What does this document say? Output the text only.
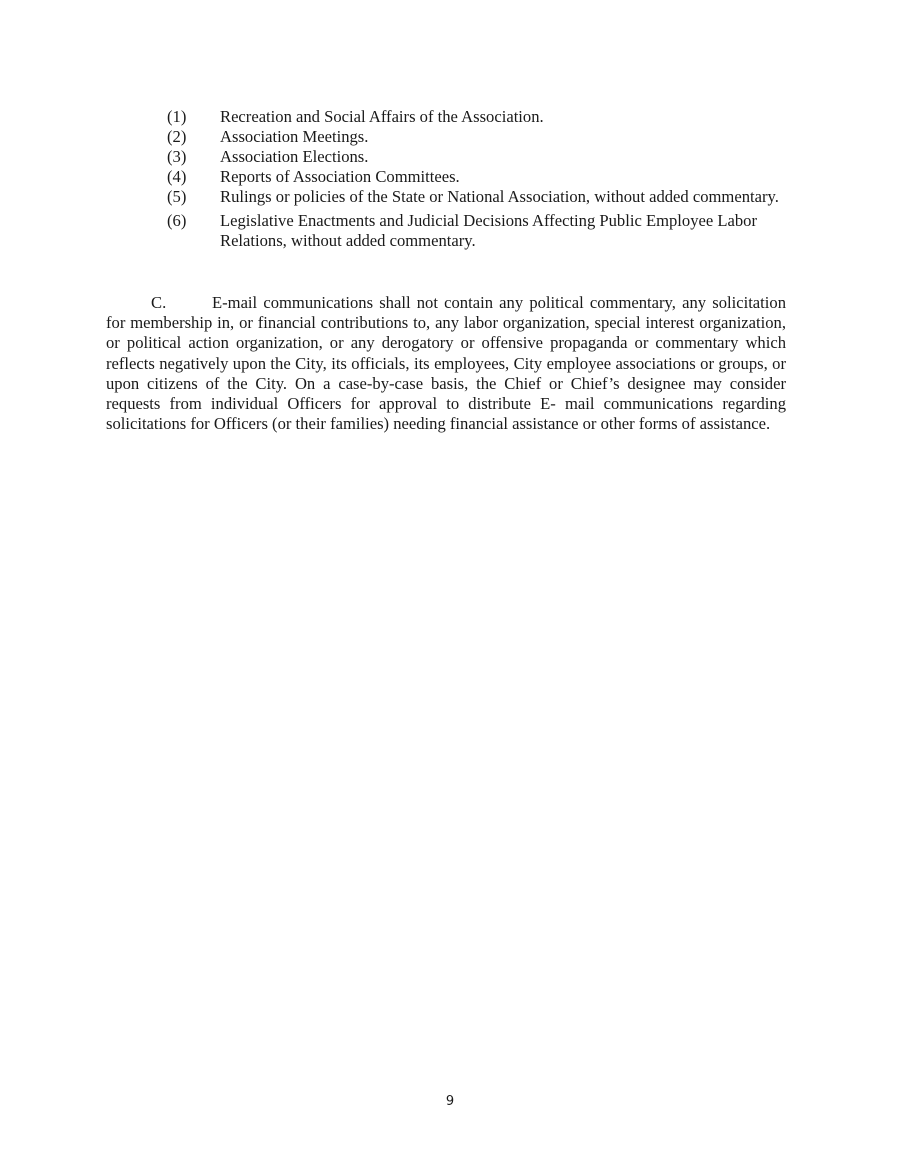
(1)	Recreation and Social Affairs of the Association.
(2)	Association Meetings.
(3)	Association Elections.
(4)	Reports of Association Committees.
(5)	Rulings or policies of the State or National Association, without added commentary.
(6)	Legislative Enactments and Judicial Decisions Affecting Public Employee Labor Relations, without added commentary.

C.	E-mail communications shall not contain any political commentary, any solicitation for membership in, or financial contributions to, any labor organization, special interest organization, or political action organization, or any derogatory or offensive propaganda or commentary which reflects negatively upon the City, its officials, its employees, City employee associations or groups, or upon citizens of the City. On a case-by-case basis, the Chief or Chief’s designee may consider requests from individual Officers for approval to distribute E- mail communications regarding solicitations for Officers (or their families) needing financial assistance or other forms of assistance.

9
